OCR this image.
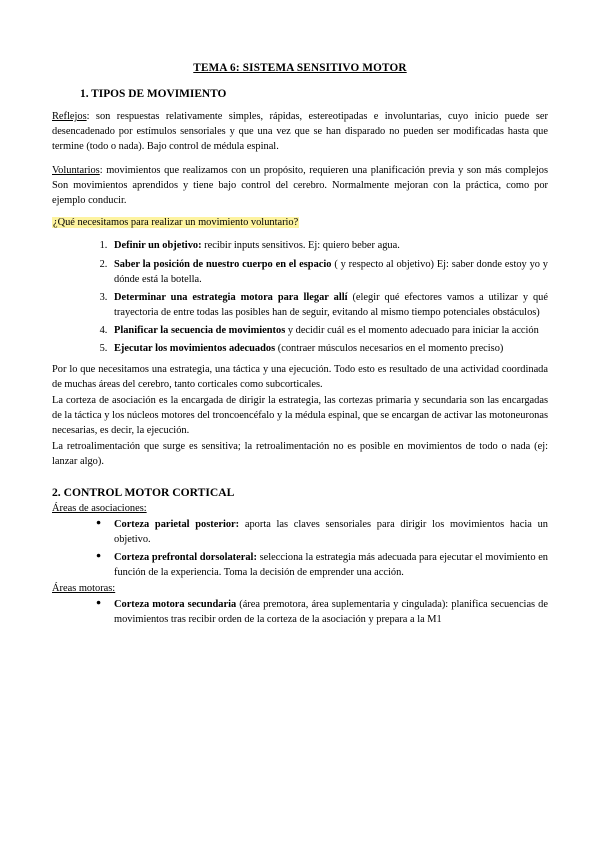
TEMA 6: SISTEMA SENSITIVO MOTOR
1. TIPOS DE MOVIMIENTO

Reflejos: son respuestas relativamente simples, rápidas, estereotipadas e involuntarias, cuyo inicio puede ser desencadenado por estímulos sensoriales y que una vez que se han disparado no pueden ser modificadas hasta que termine (todo o nada). Bajo control de médula espinal.

Voluntarios: movimientos que realizamos con un propósito, requieren una planificación previa y son más complejos Son movimientos aprendidos y tiene bajo control del cerebro. Normalmente mejoran con la práctica, como por ejemplo conducir.

¿Qué necesitamos para realizar un movimiento voluntario?
1. Definir un objetivo: recibir inputs sensitivos. Ej: quiero beber agua.
2. Saber la posición de nuestro cuerpo en el espacio ( y respecto al objetivo) Ej: saber donde estoy yo y dónde está la botella.
3. Determinar una estrategia motora para llegar allí (elegir qué efectores vamos a utilizar y qué trayectoria de entre todas las posibles han de seguir, evitando al mismo tiempo potenciales obstáculos)
4. Planificar la secuencia de movimientos y decidir cuál es el momento adecuado para iniciar la acción
5. Ejecutar los movimientos adecuados (contraer músculos necesarios en el momento preciso)
Por lo que necesitamos una estrategia, una táctica y una ejecución. Todo esto es resultado de una actividad coordinada de muchas áreas del cerebro, tanto corticales como subcorticales.
La corteza de asociación es la encargada de dirigir la estrategia, las cortezas primaria y secundaria son las encargadas de la táctica y los núcleos motores del troncoencéfalo y la médula espinal, que se encargan de activar las motoneuronas necesarias, es decir, la ejecución.
La retroalimentación que surge es sensitiva; la retroalimentación no es posible en movimientos de todo o nada (ej: lanzar algo).
2. CONTROL MOTOR CORTICAL
Áreas de asociaciones:
● Corteza parietal posterior: aporta las claves sensoriales para dirigir los movimientos hacia un objetivo.
● Corteza prefrontal dorsolateral: selecciona la estrategia más adecuada para ejecutar el movimiento en función de la experiencia. Toma la decisión de emprender una acción.
Áreas motoras:
● Corteza motora secundaria (área premotora, área suplementaria y cingulada): planifica secuencias de movimientos tras recibir orden de la corteza de la asociación y prepara a la M1
